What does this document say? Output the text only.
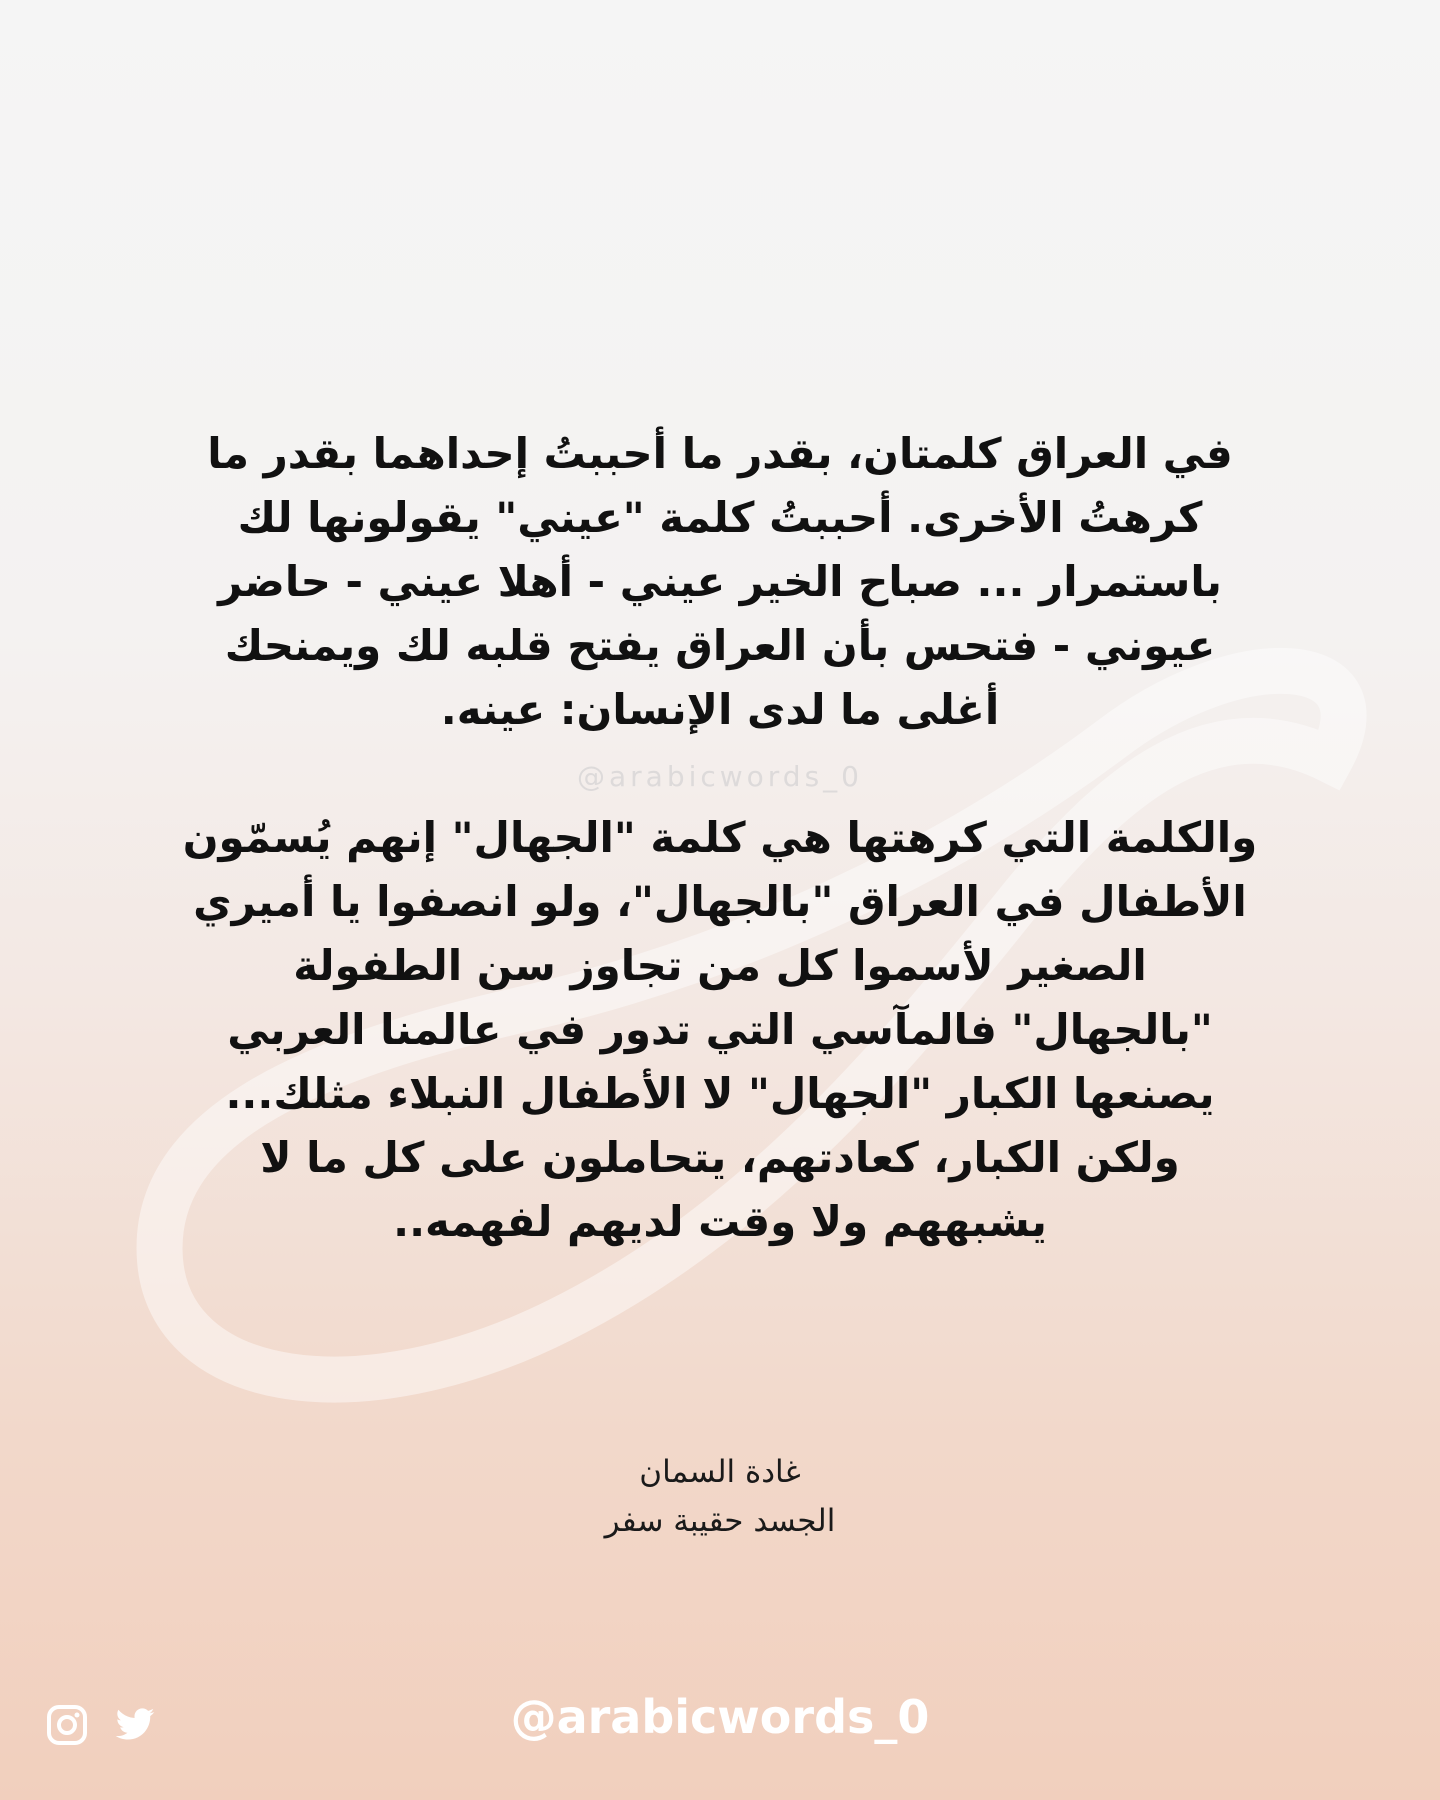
في العراق كلمتان، بقدر ما أحببتُ إحداهما بقدر ما
كرهتُ الأخرى. أحببتُ كلمة "عيني" يقولونها لك
باستمرار ... صباح الخير عيني - أهلا عيني - حاضر
عيوني - فتحس بأن العراق يفتح قلبه لك ويمنحك
أغلى ما لدى الإنسان: عينه.
@arabicwords_0
والكلمة التي كرهتها هي كلمة "الجهال" إنهم يُسمّون
الأطفال في العراق "بالجهال"، ولو انصفوا يا أميري
الصغير لأسموا كل من تجاوز سن الطفولة
"بالجهال" فالمآسي التي تدور في عالمنا العربي
يصنعها الكبار "الجهال" لا الأطفال النبلاء مثلك...
ولكن الكبار، كعادتهم، يتحاملون على كل ما لا
يشبههم ولا وقت لديهم لفهمه..
غادة السمان
الجسد حقيبة سفر
@arabicwords_0
